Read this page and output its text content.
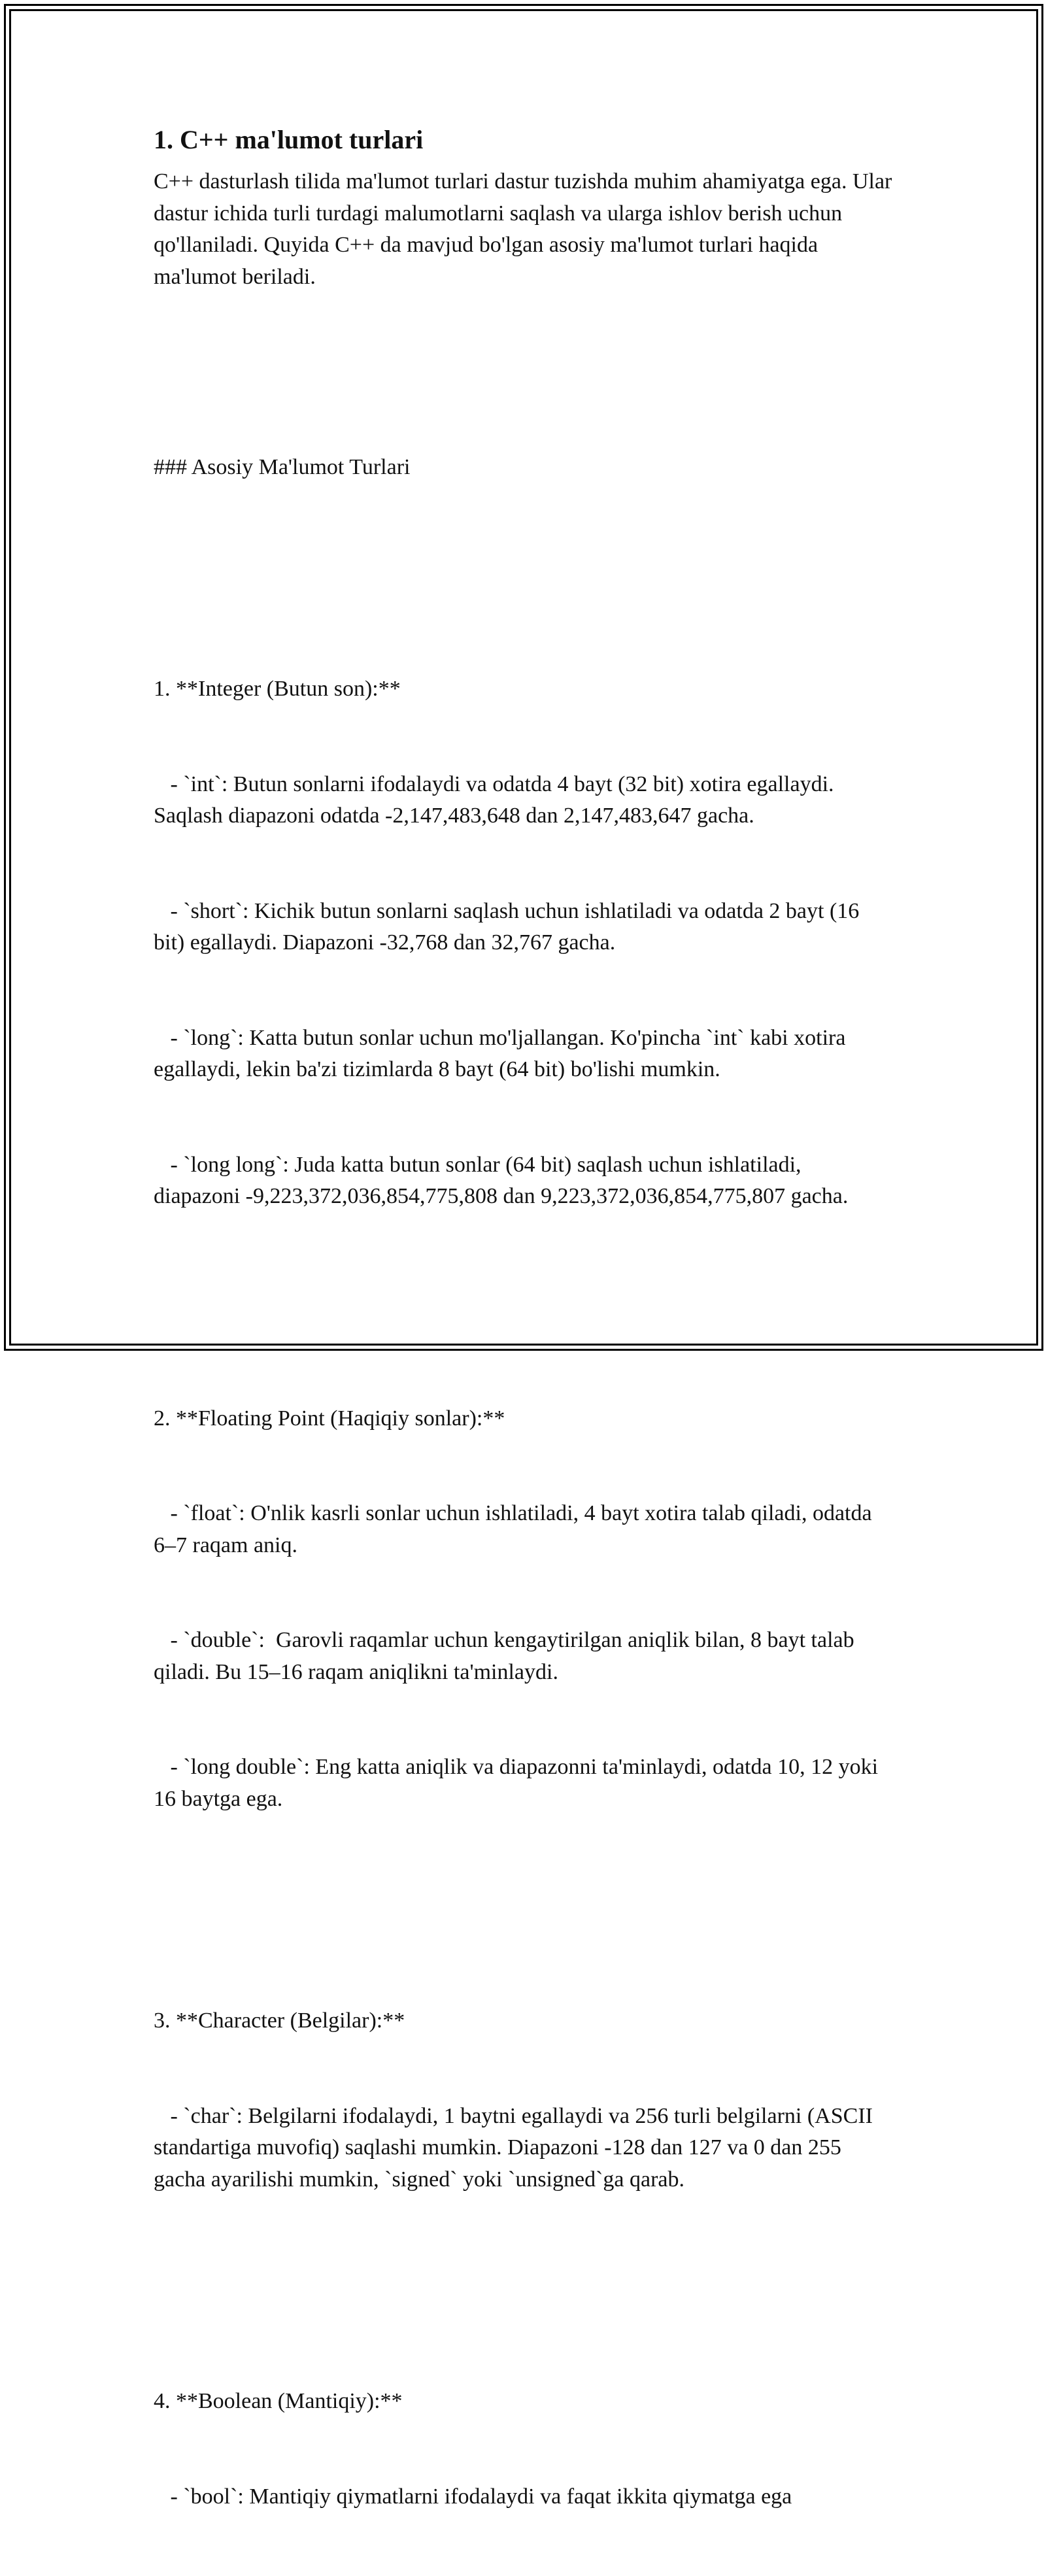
1. C++ ma'lumot turlari

C++ dasturlash tilida ma'lumot turlari dastur tuzishda muhim ahamiyatga ega. Ular dastur ichida turli turdagi malumotlarni saqlash va ularga ishlov berish uchun qo'llaniladi. Quyida C++ da mavjud bo'lgan asosiy ma'lumot turlari haqida ma'lumot beriladi.

### Asosiy Ma'lumot Turlari

1. **Integer (Butun son):**

- `int`: Butun sonlarni ifodalaydi va odatda 4 bayt (32 bit) xotira egallaydi. Saqlash diapazoni odatda -2,147,483,648 dan 2,147,483,647 gacha.

- `short`: Kichik butun sonlarni saqlash uchun ishlatiladi va odatda 2 bayt (16 bit) egallaydi. Diapazoni -32,768 dan 32,767 gacha.

- `long`: Katta butun sonlar uchun mo'ljallangan. Ko'pincha `int` kabi xotira egallaydi, lekin ba'zi tizimlarda 8 bayt (64 bit) bo'lishi mumkin.

- `long long`: Juda katta butun sonlar (64 bit) saqlash uchun ishlatiladi, diapazoni -9,223,372,036,854,775,808 dan 9,223,372,036,854,775,807 gacha.

2. **Floating Point (Haqiqiy sonlar):**

- `float`: O'nlik kasrli sonlar uchun ishlatiladi, 4 bayt xotira talab qiladi, odatda 6–7 raqam aniq.

- `double`:  Garovli raqamlar uchun kengaytirilgan aniqlik bilan, 8 bayt talab qiladi. Bu 15–16 raqam aniqlikni ta'minlaydi.

- `long double`: Eng katta aniqlik va diapazonni ta'minlaydi, odatda 10, 12 yoki 16 baytga ega.

3. **Character (Belgilar):**

- `char`: Belgilarni ifodalaydi, 1 baytni egallaydi va 256 turli belgilarni (ASCII standartiga muvofiq) saqlashi mumkin. Diapazoni -128 dan 127 va 0 dan 255 gacha ayarilishi mumkin, `signed` yoki `unsigned`ga qarab.

4. **Boolean (Mantiqiy):**

- `bool`: Mantiqiy qiymatlarni ifodalaydi va faqat ikkita qiymatga ega
